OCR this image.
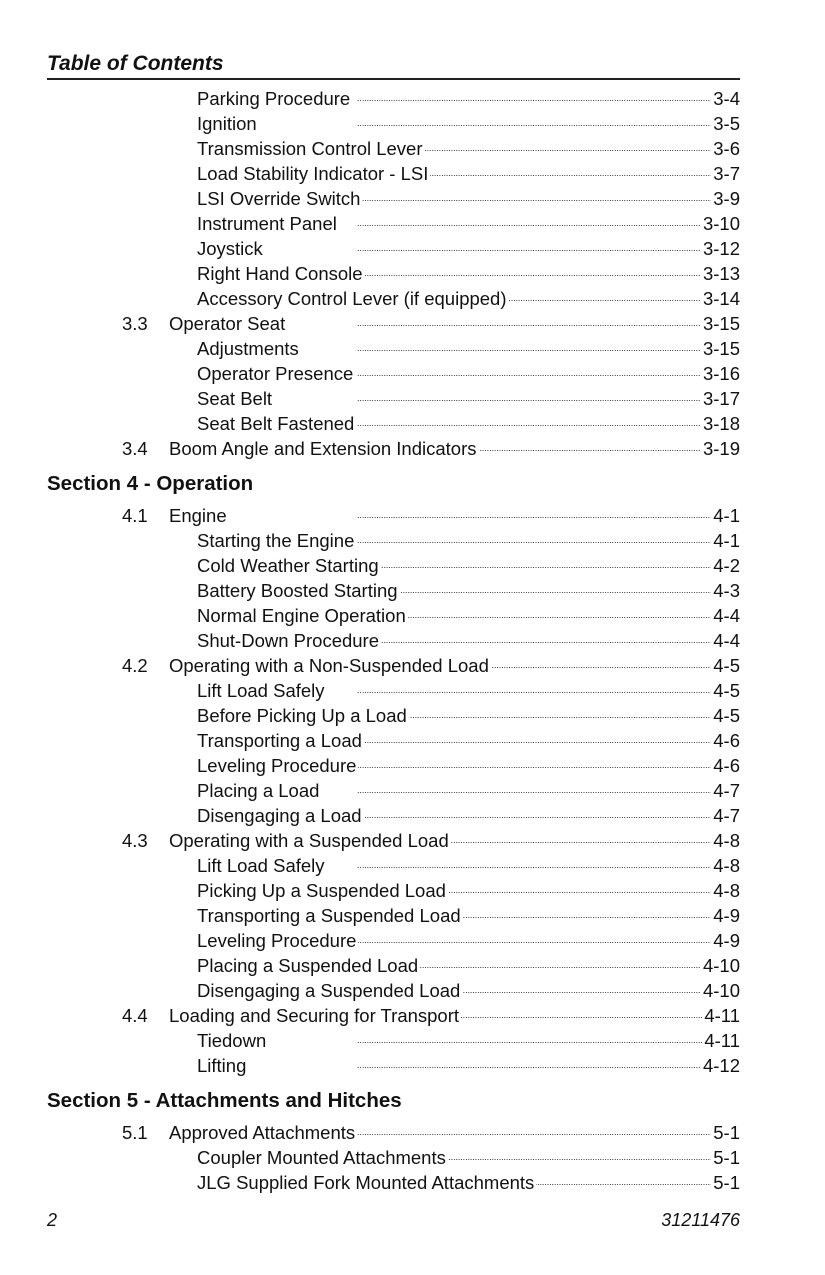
Table of Contents
. . .
Parking Procedure	3-4
. . .
Ignition	3-5
. . .
Transmission Control Lever	3-6
. . .
Load Stability Indicator - LSI	3-7
. . .
LSI Override Switch	3-9
. . .
Instrument Panel	3-10
. . .
Joystick	3-12
. . .
Right Hand Console	3-13
. . .
Accessory Control Lever (if equipped)	3-14
3.3 . . . Operator Seat	3-15
. . .
Adjustments	3-15
. . .
Operator Presence	3-16
. . .
Seat Belt	3-17
. . .
Seat Belt Fastened	3-18
3.4 . . . Boom Angle and Extension Indicators	3-19
Section 4 - Operation
4.1 . . . Engine	4-1
. . .
Starting the Engine	4-1
. . .
Cold Weather Starting	4-2
. . .
Battery Boosted Starting	4-3
. . .
Normal Engine Operation	4-4
. . .
Shut-Down Procedure	4-4
4.2 . . . Operating with a Non-Suspended Load	4-5
. . .
Lift Load Safely	4-5
. . .
Before Picking Up a Load	4-5
. . .
Transporting a Load	4-6
. . .
Leveling Procedure	4-6
. . .
Placing a Load	4-7
. . .
Disengaging a Load	4-7
4.3 . . . Operating with a Suspended Load	4-8
. . .
Lift Load Safely	4-8
. . .
Picking Up a Suspended Load	4-8
. . .
Transporting a Suspended Load	4-9
. . .
Leveling Procedure	4-9
. . .
Placing a Suspended Load	4-10
. . .
Disengaging a Suspended Load	4-10
4.4 . . . Loading and Securing for Transport	4-11
. . .
Tiedown	4-11
. . .
Lifting	4-12
Section 5 - Attachments and Hitches
5.1 . . . Approved Attachments	5-1
. . .
Coupler Mounted Attachments	5-1
. . .
JLG Supplied Fork Mounted Attachments	5-1
2	31211476
